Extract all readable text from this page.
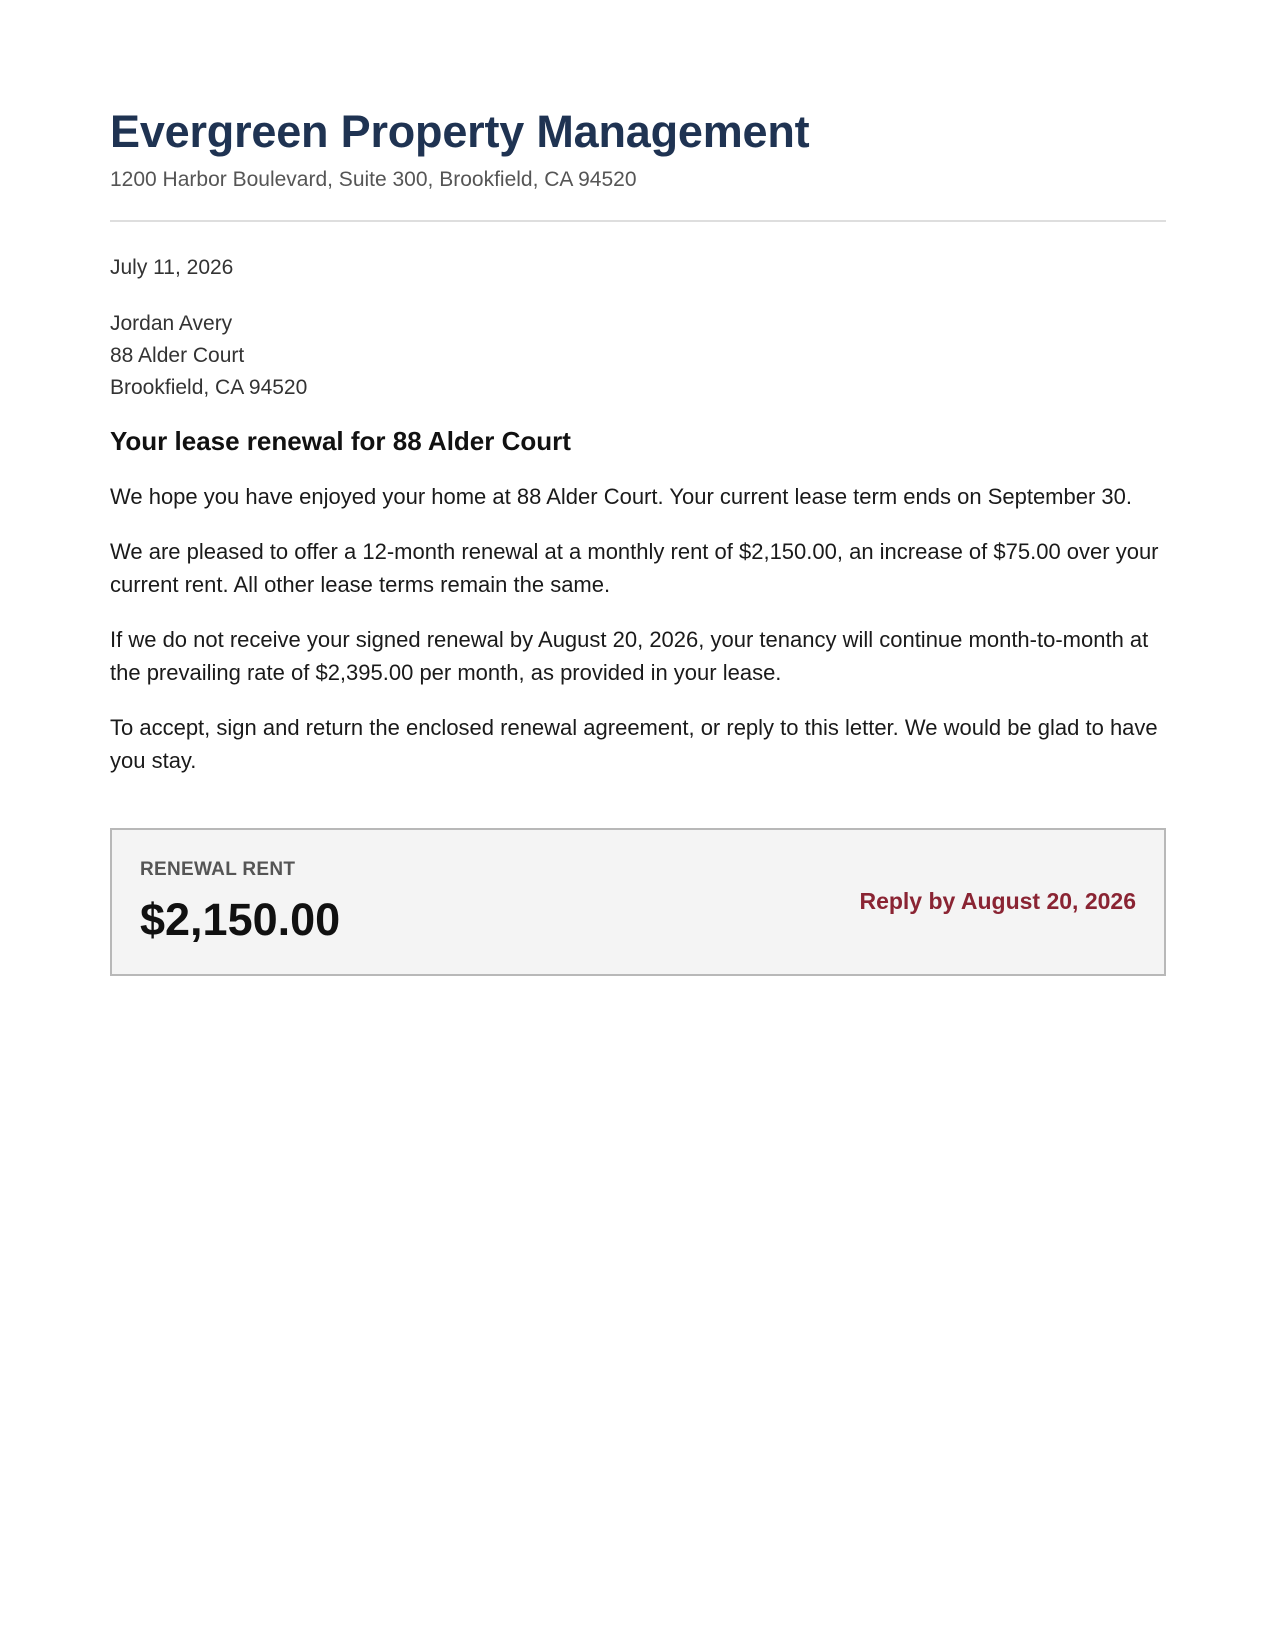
Evergreen Property Management
1200 Harbor Boulevard, Suite 300, Brookfield, CA 94520
July 11, 2026
Jordan Avery
88 Alder Court
Brookfield, CA 94520
Your lease renewal for 88 Alder Court

We hope you have enjoyed your home at 88 Alder Court. Your current lease term ends on September 30.

We are pleased to offer a 12-month renewal at a monthly rent of $2,150.00, an increase of $75.00 over your current rent. All other lease terms remain the same.

If we do not receive your signed renewal by August 20, 2026, your tenancy will continue month-to-month at the prevailing rate of $2,395.00 per month, as provided in your lease.

To accept, sign and return the enclosed renewal agreement, or reply to this letter. We would be glad to have you stay.

RENEWAL RENT
$2,150.00	Reply by August 20, 2026
